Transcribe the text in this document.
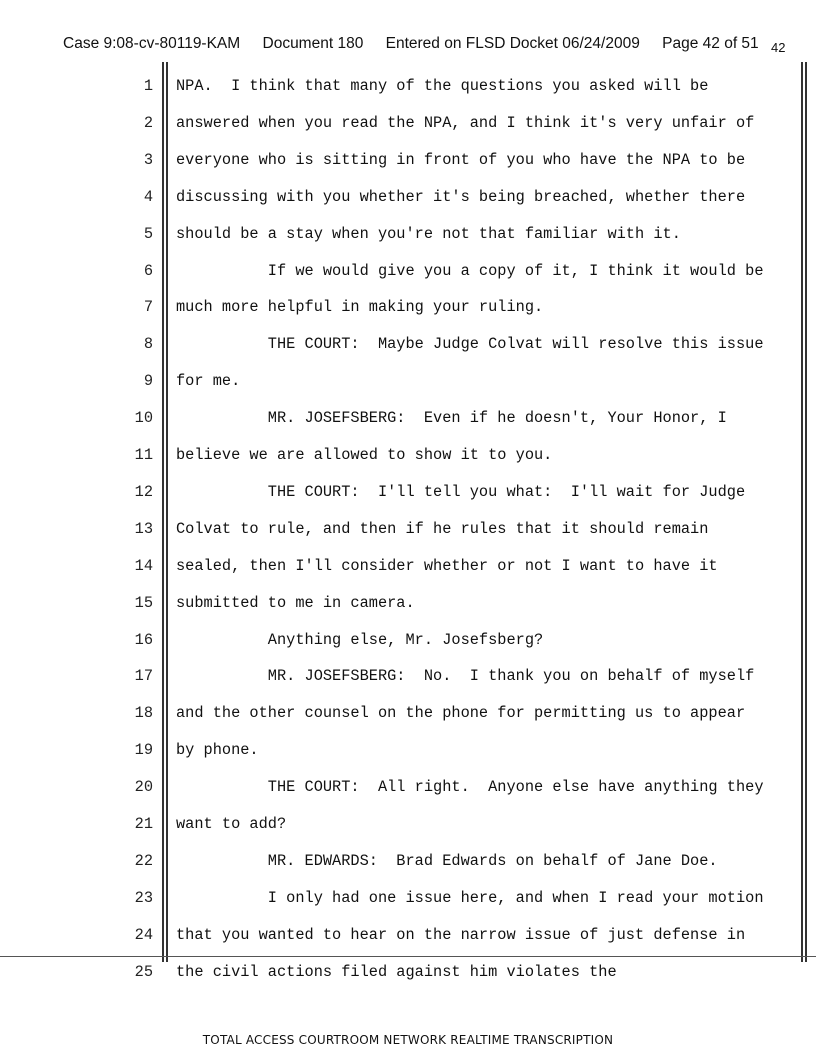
Case 9:08-cv-80119-KAM Document 180 Entered on FLSD Docket 06/24/2009 Page 42 of 51 $_{42}$
1 NPA.  I think that many of the questions you asked will be
2 answered when you read the NPA, and I think it's very unfair of
3 everyone who is sitting in front of you who have the NPA to be
4 discussing with you whether it's being breached, whether there
5 should be a stay when you're not that familiar with it.
6 If we would give you a copy of it, I think it would be
7 much more helpful in making your ruling.
8 THE COURT:  Maybe Judge Colvat will resolve this issue
9 for me.
10 MR. JOSEFSBERG:  Even if he doesn't, Your Honor, I
11 believe we are allowed to show it to you.
12 THE COURT:  I'll tell you what:  I'll wait for Judge
13 Colvat to rule, and then if he rules that it should remain
14 sealed, then I'll consider whether or not I want to have it
15 submitted to me in camera.
16 Anything else, Mr. Josefsberg?
17 MR. JOSEFSBERG:  No.  I thank you on behalf of myself
18 and the other counsel on the phone for permitting us to appear
19 by phone.
20 THE COURT:  All right.  Anyone else have anything they
21 want to add?
22 MR. EDWARDS:  Brad Edwards on behalf of Jane Doe.
23 I only had one issue here, and when I read your motion
24 that you wanted to hear on the narrow issue of just defense in
25 the civil actions filed against him violates the
TOTAL ACCESS COURTROOM NETWORK REALTIME TRANSCRIPTION
